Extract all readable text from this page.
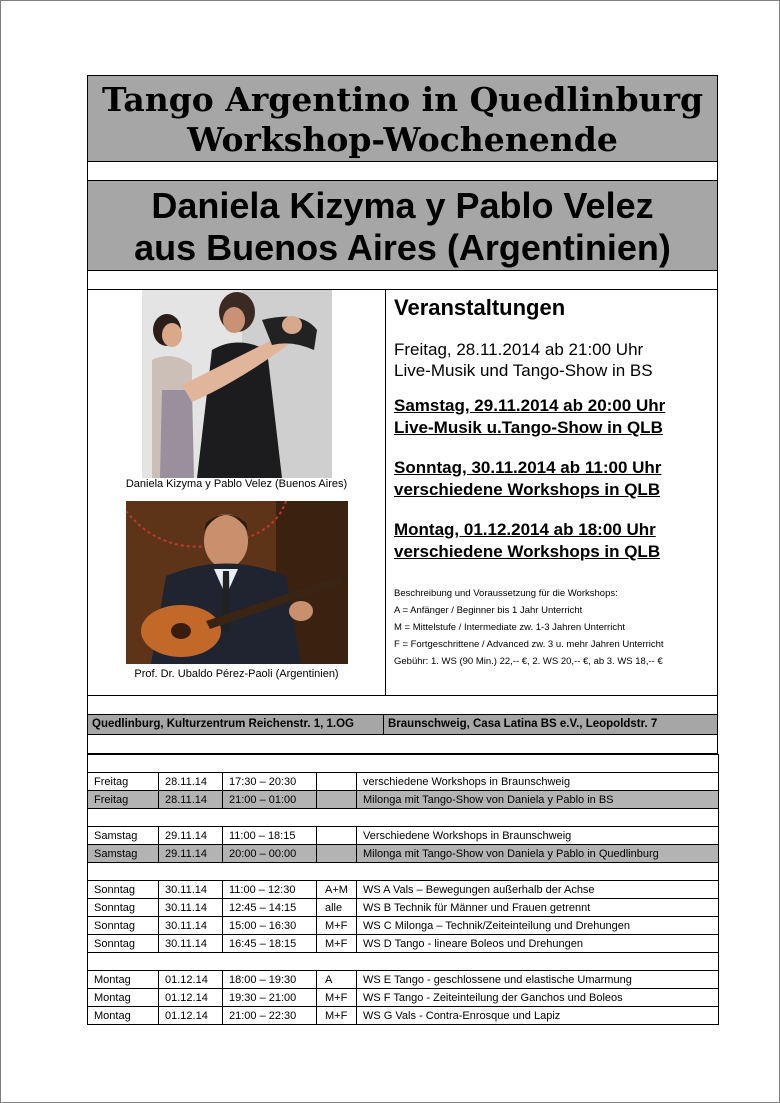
Tango Argentino in Quedlinburg
Workshop-Wochenende
Daniela Kizyma y Pablo Velez
aus Buenos Aires (Argentinien)
Daniela Kizyma y Pablo Velez (Buenos Aires)
Prof. Dr. Ubaldo Pérez-Paoli (Argentinien)
Veranstaltungen
Freitag, 28.11.2014 ab 21:00 Uhr
Live-Musik und Tango-Show in BS
Samstag, 29.11.2014 ab 20:00 Uhr
Live-Musik u.Tango-Show in QLB
Sonntag, 30.11.2014 ab 11:00 Uhr
verschiedene Workshops in QLB
Montag, 01.12.2014 ab 18:00 Uhr
verschiedene Workshops in QLB
Beschreibung und Voraussetzung für die Workshops:
A = Anfänger / Beginner bis 1 Jahr Unterricht
M = Mittelstufe / Intermediate zw. 1-3 Jahren Unterricht
F = Fortgeschrittene / Advanced zw. 3 u. mehr Jahren Unterricht
Gebühr: 1. WS (90 Min.) 22,-- €, 2. WS 20,-- €, ab 3. WS 18,-- €
Quedlinburg, Kulturzentrum Reichenstr. 1, 1.OG	Braunschweig, Casa Latina BS e.V., Leopoldstr. 7

Freitag	28.11.14	17:30 – 20:30		verschiedene Workshops in Braunschweig
Freitag	28.11.14	21:00 – 01:00		Milonga mit Tango-Show von Daniela y Pablo in BS

Samstag	29.11.14	11:00 – 18:15		Verschiedene Workshops in Braunschweig
Samstag	29.11.14	20:00 – 00:00		Milonga mit Tango-Show von Daniela y Pablo in Quedlinburg

Sonntag	30.11.14	11:00 – 12:30	A+M	WS A Vals – Bewegungen außerhalb der Achse
Sonntag	30.11.14	12:45 – 14:15	alle	WS B Technik für Männer und Frauen getrennt
Sonntag	30.11.14	15:00 – 16:30	M+F	WS C Milonga – Technik/Zeiteinteilung und Drehungen
Sonntag	30.11.14	16:45 – 18:15	M+F	WS D Tango - lineare Boleos und Drehungen

Montag	01.12.14	18:00 – 19:30	A	WS E Tango - geschlossene und elastische Umarmung
Montag	01.12.14	19:30 – 21:00	M+F	WS F Tango - Zeiteinteilung der Ganchos und Boleos
Montag	01.12.14	21:00 – 22:30	M+F	WS G Vals - Contra-Enrosque und Lapiz
